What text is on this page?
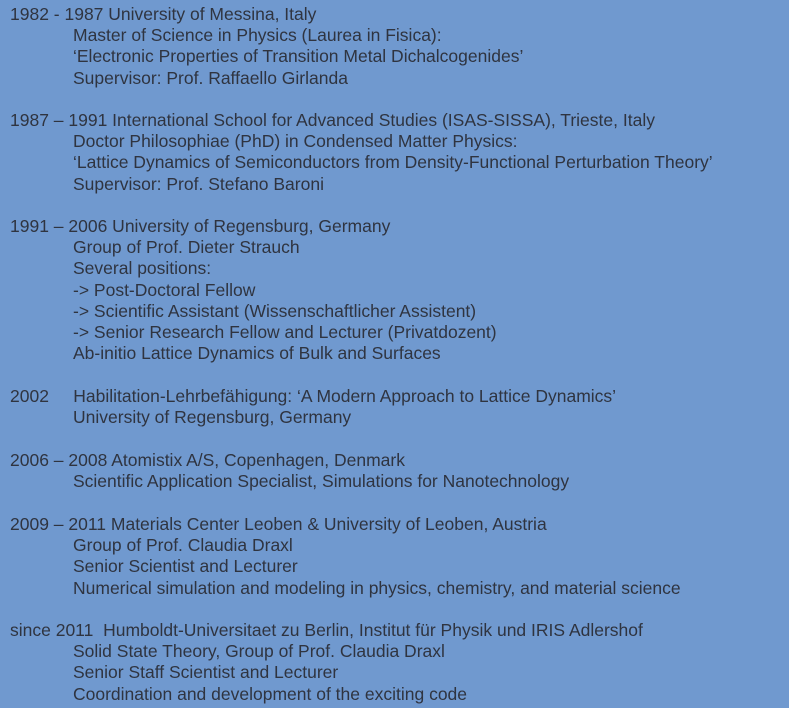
1982 - 1987 University of Messina, Italy
Master of Science in Physics (Laurea in Fisica):
‘Electronic Properties of Transition Metal Dichalcogenides’
Supervisor: Prof. Raffaello Girlanda
1987 – 1991 International School for Advanced Studies (ISAS-SISSA), Trieste, Italy
Doctor Philosophiae (PhD) in Condensed Matter Physics:
‘Lattice Dynamics of Semiconductors from Density-Functional Perturbation Theory’
Supervisor: Prof. Stefano Baroni
1991 – 2006 University of Regensburg, Germany
Group of Prof. Dieter Strauch
Several positions:
-> Post-Doctoral Fellow
-> Scientific Assistant (Wissenschaftlicher Assistent)
-> Senior Research Fellow and Lecturer (Privatdozent)
Ab-initio Lattice Dynamics of Bulk and Surfaces
2002     Habilitation-Lehrbefähigung: ‘A Modern Approach to Lattice Dynamics’
University of Regensburg, Germany
2006 – 2008 Atomistix A/S, Copenhagen, Denmark
Scientific Application Specialist, Simulations for Nanotechnology
2009 – 2011 Materials Center Leoben & University of Leoben, Austria
Group of Prof. Claudia Draxl
Senior Scientist and Lecturer
Numerical simulation and modeling in physics, chemistry, and material science
since 2011  Humboldt-Universitaet zu Berlin, Institut für Physik und IRIS Adlershof
Solid State Theory, Group of Prof. Claudia Draxl
Senior Staff Scientist and Lecturer
Coordination and development of the exciting code
